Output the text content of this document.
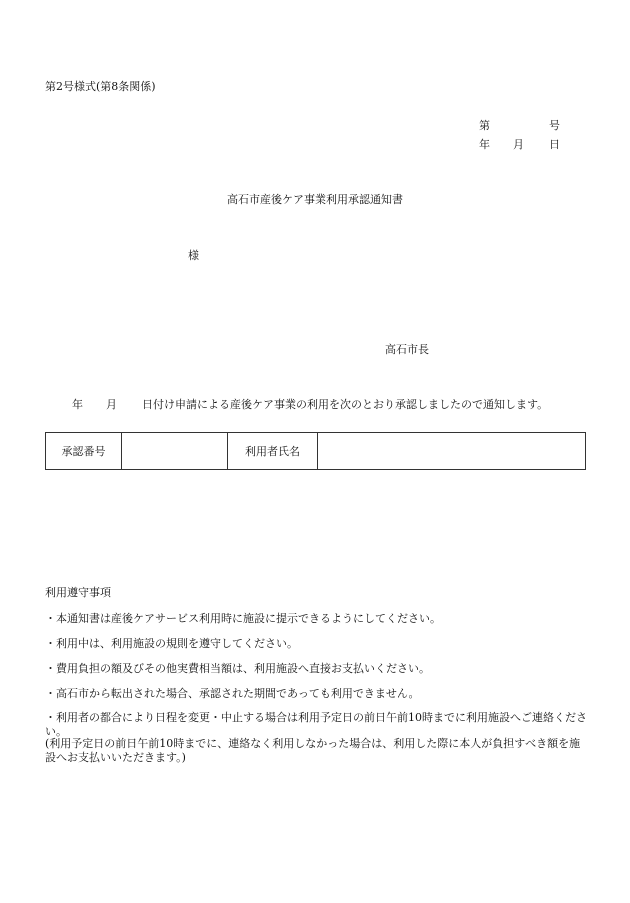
第2号様式(第8条関係)
第	号
年 月 日
高石市産後ケア事業利用承認通知書
様
高石市長
年 月 日付け申請による産後ケア事業の利用を次のとおり承認しましたので通知します。
承認番号		利用者氏名	
利用遵守事項
・本通知書は産後ケアサービス利用時に施設に提示できるようにしてください。
・利用中は、利用施設の規則を遵守してください。
・費用負担の額及びその他実費相当額は、利用施設へ直接お支払いください。
・高石市から転出された場合、承認された期間であっても利用できません。
・利用者の都合により日程を変更・中止する場合は利用予定日の前日午前10時までに利用施設へご連絡ください。
(利用予定日の前日午前10時までに、連絡なく利用しなかった場合は、利用した際に本人が負担すべき額を施設へお支払いいただきます。)
